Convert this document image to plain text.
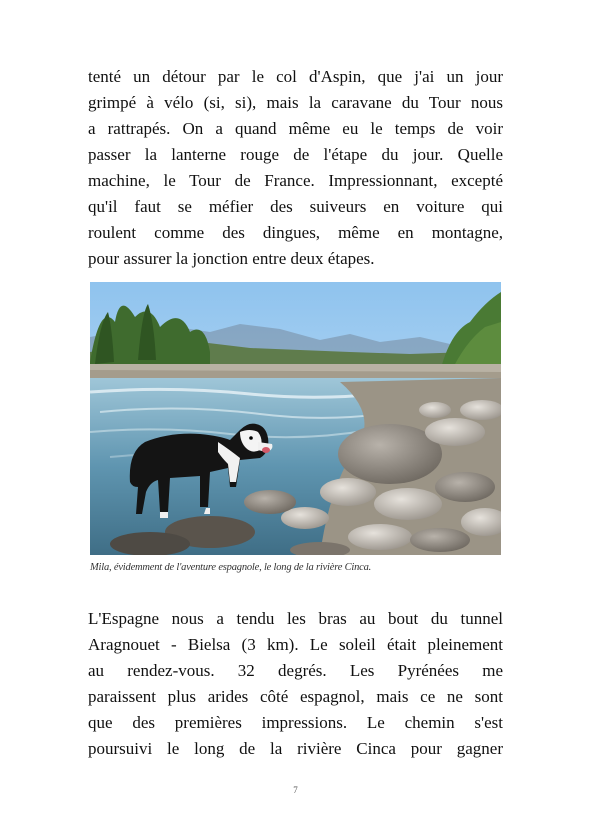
tenté un détour par le col d'Aspin, que j'ai un jour
grimpé à vélo (si, si), mais la caravane du Tour nous
a rattrapés. On a quand même eu le temps de voir
passer la lanterne rouge de l'étape du jour. Quelle
machine, le Tour de France. Impressionnant, excepté
qu'il faut se méfier des suiveurs en voiture qui
roulent comme des dingues, même en montagne,
pour assurer la jonction entre deux étapes.

Mila, évidemment de l'aventure espagnole, le long de la rivière Cinca.

L'Espagne nous a tendu les bras au bout du tunnel
Aragnouet - Bielsa (3 km). Le soleil était pleinement
au rendez-vous. 32 degrés. Les Pyrénées me
paraissent plus arides côté espagnol, mais ce ne sont
que des premières impressions. Le chemin s'est
poursuivi le long de la rivière Cinca pour gagner

7
